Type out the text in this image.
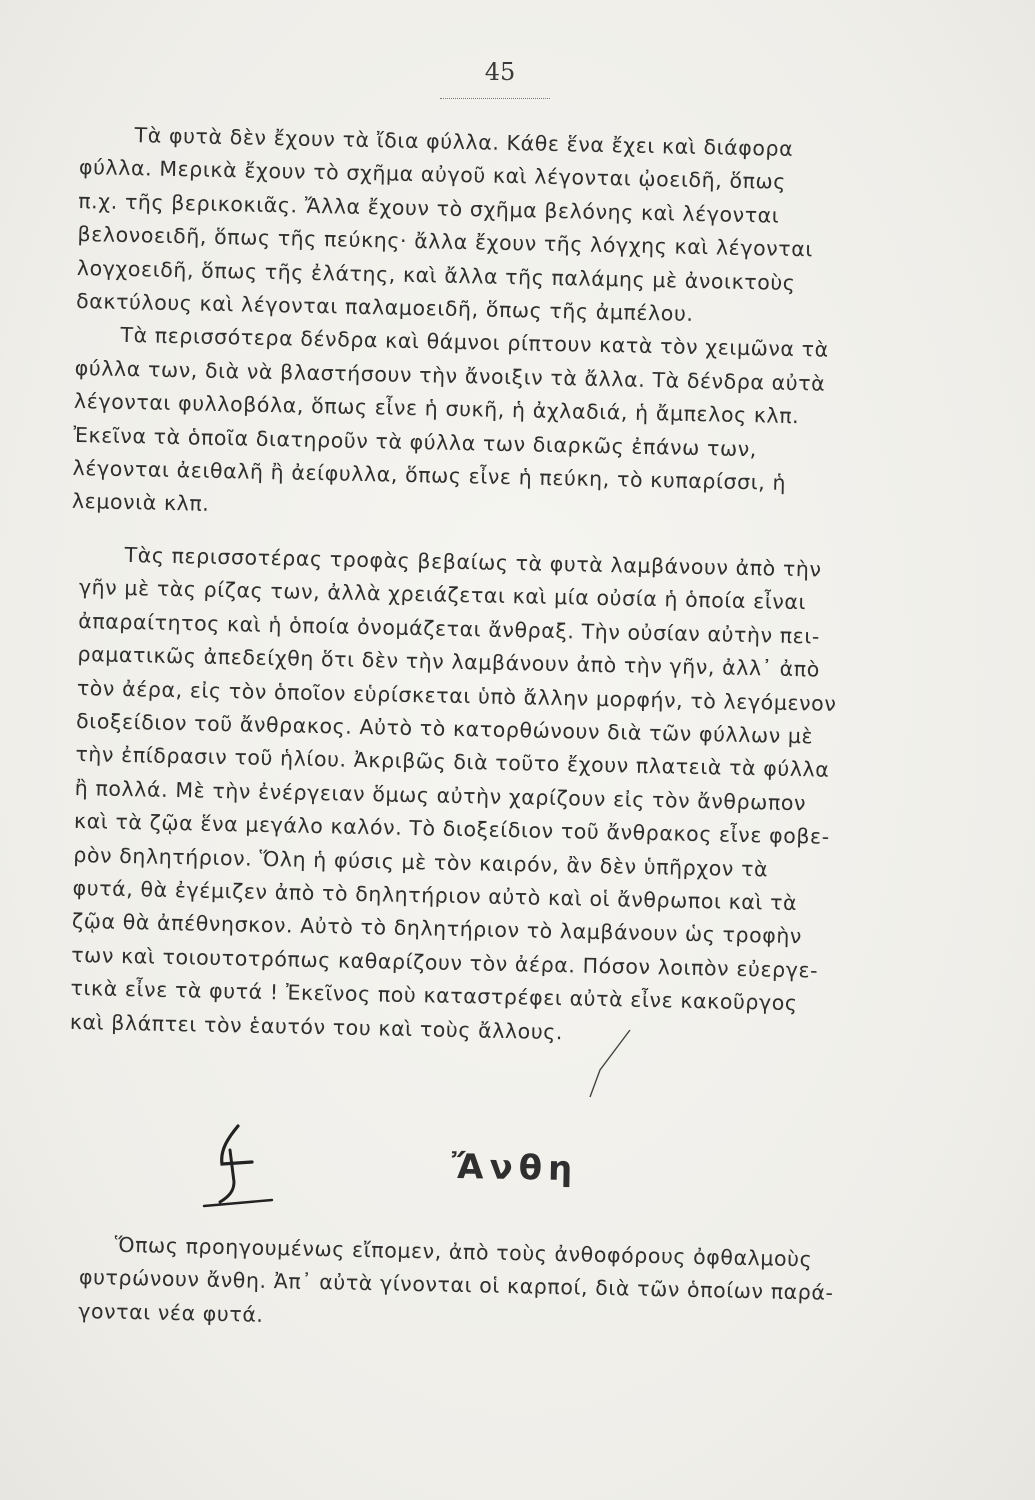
45
Τὰ φυτὰ δὲν ἔχουν τὰ ἴδια φύλλα. Κάθε ἕνα ἔχει καὶ διάφορα
φύλλα. Μερικὰ ἔχουν τὸ σχῆμα αὐγοῦ καὶ λέγονται ᾠοειδῆ, ὅπως
π.χ. τῆς βερικοκιᾶς. Ἄλλα ἔχουν τὸ σχῆμα βελόνης καὶ λέγονται
βελονοειδῆ, ὅπως τῆς πεύκης· ἄλλα ἔχουν τῆς λόγχης καὶ λέγονται
λογχοειδῆ, ὅπως τῆς ἐλάτης, καὶ ἄλλα τῆς παλάμης μὲ ἀνοικτοὺς
δακτύλους καὶ λέγονται παλαμοειδῆ, ὅπως τῆς ἀμπέλου.
Τὰ περισσότερα δένδρα καὶ θάμνοι ρίπτουν κατὰ τὸν χειμῶνα τὰ
φύλλα των, διὰ νὰ βλαστήσουν τὴν ἄνοιξιν τὰ ἄλλα. Τὰ δένδρα αὐτὰ
λέγονται φυλλοβόλα, ὅπως εἶνε ἡ συκῆ, ἡ ἀχλαδιά, ἡ ἄμπελος κλπ.
Ἐκεῖνα τὰ ὁποῖα διατηροῦν τὰ φύλλα των διαρκῶς ἐπάνω των,
λέγονται ἀειθαλῆ ἢ ἀείφυλλα, ὅπως εἶνε ἡ πεύκη, τὸ κυπαρίσσι, ἡ
λεμονιὰ κλπ.
Τὰς περισσοτέρας τροφὰς βεβαίως τὰ φυτὰ λαμβάνουν ἀπὸ τὴν
γῆν μὲ τὰς ρίζας των, ἀλλὰ χρειάζεται καὶ μία οὐσία ἡ ὁποία εἶναι
ἀπαραίτητος καὶ ἡ ὁποία ὀνομάζεται ἄνθραξ. Τὴν οὐσίαν αὐτὴν πει-
ραματικῶς ἀπεδείχθη ὅτι δὲν τὴν λαμβάνουν ἀπὸ τὴν γῆν, ἀλλ᾽ ἀπὸ
τὸν ἀέρα, εἰς τὸν ὁποῖον εὑρίσκεται ὑπὸ ἄλλην μορφήν, τὸ λεγόμενον
διοξείδιον τοῦ ἄνθρακος. Αὐτὸ τὸ κατορθώνουν διὰ τῶν φύλλων μὲ
τὴν ἐπίδρασιν τοῦ ἡλίου. Ἀκριβῶς διὰ τοῦτο ἔχουν πλατειὰ τὰ φύλλα
ἢ πολλά. Μὲ τὴν ἐνέργειαν ὅμως αὐτὴν χαρίζουν εἰς τὸν ἄνθρωπον
καὶ τὰ ζῷα ἕνα μεγάλο καλόν. Τὸ διοξείδιον τοῦ ἄνθρακος εἶνε φοβε-
ρὸν δηλητήριον. Ὅλη ἡ φύσις μὲ τὸν καιρόν, ἂν δὲν ὑπῆρχον τὰ
φυτά, θὰ ἐγέμιζεν ἀπὸ τὸ δηλητήριον αὐτὸ καὶ οἱ ἄνθρωποι καὶ τὰ
ζῷα θὰ ἀπέθνησκον. Αὐτὸ τὸ δηλητήριον τὸ λαμβάνουν ὡς τροφὴν
των καὶ τοιουτοτρόπως καθαρίζουν τὸν ἀέρα. Πόσον λοιπὸν εὐεργε-
τικὰ εἶνε τὰ φυτά ! Ἐκεῖνος ποὺ καταστρέφει αὐτὰ εἶνε κακοῦργος
καὶ βλάπτει τὸν ἑαυτόν του καὶ τοὺς ἄλλους.
Ἄνθη
Ὅπως προηγουμένως εἴπομεν, ἀπὸ τοὺς ἀνθοφόρους ὀφθαλμοὺς
φυτρώνουν ἄνθη. Ἀπ᾽ αὐτὰ γίνονται οἱ καρποί, διὰ τῶν ὁποίων παρά-
γονται νέα φυτά.
